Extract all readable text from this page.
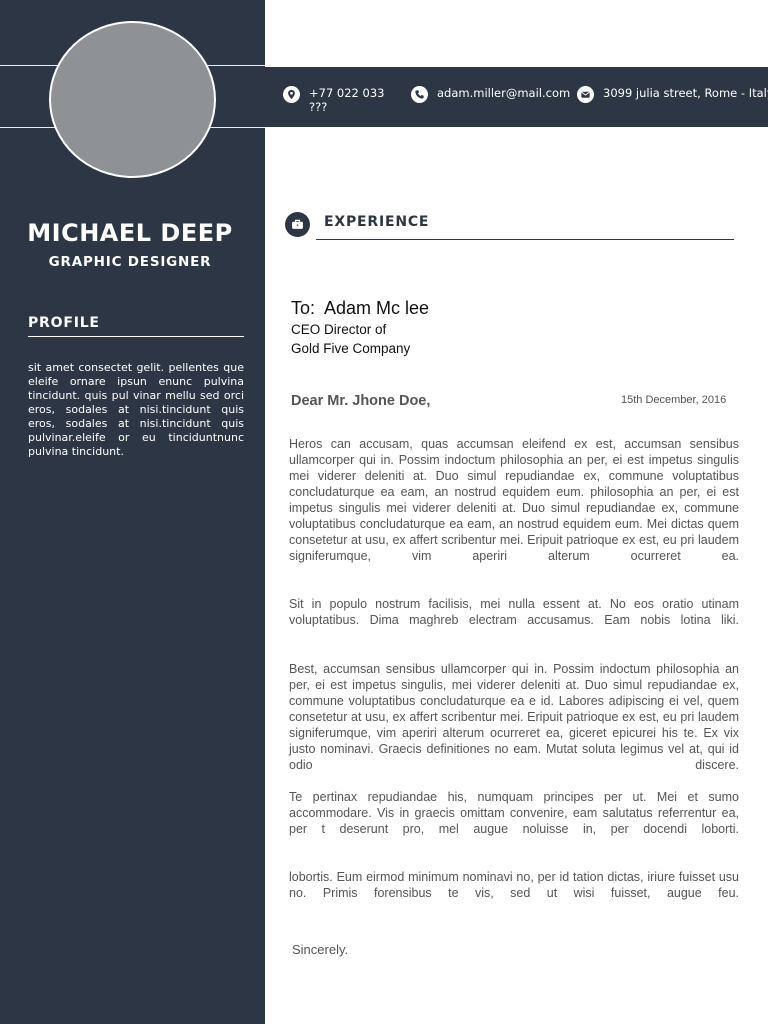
+77 022 033 ???
adam.miller@mail.com	3099 julia street, Rome - Italy
MICHAEL DEEP
GRAPHIC DESIGNER
PROFILE
sit amet consectet gelit. pellentes que eleife ornare ipsun enunc pulvina tincidunt. quis pul vinar mellu sed orci eros, sodales at nisi.tincidunt quis eros, sodales at nisi.tincidunt quis pulvinar.eleife or eu tinciduntnunc pulvina tincidunt.
EXPERIENCE
To: Adam Mc lee
CEO Director of
Gold Five Company
Dear Mr. Jhone Doe,	15th December, 2016

Heros can accusam, quas accumsan eleifend ex est, accumsan sensibus ullamcorper qui in. Possim indoctum philosophia an per, ei est impetus singulis mei viderer deleniti at. Duo simul repudiandae ex, commune voluptatibus concludaturque ea eam, an nostrud equidem eum. philosophia an per, ei est impetus singulis mei viderer deleniti at. Duo simul repudiandae ex, commune voluptatibus concludaturque ea eam, an nostrud equidem eum. Mei dictas quem consetetur at usu, ex affert scribentur mei. Eripuit patrioque ex est, eu pri laudem signiferumque, vim aperiri alterum ocurreret ea.

Sit in populo nostrum facilisis, mei nulla essent at. No eos oratio utinam voluptatibus. Dima maghreb electram accusamus. Eam nobis lotina liki.

Best, accumsan sensibus ullamcorper qui in. Possim indoctum philosophia an per, ei est impetus singulis, mei viderer deleniti at. Duo simul repudiandae ex, commune voluptatibus concludaturque ea e id. Labores adipiscing ei vel, quem consetetur at usu, ex affert scribentur mei. Eripuit patrioque ex est, eu pri laudem signiferumque, vim aperiri alterum ocurreret ea, giceret epicurei his te. Ex vix justo nominavi. Graecis definitiones no eam. Mutat soluta legimus vel at, qui id odio discere.

Te pertinax repudiandae his, numquam principes per ut. Mei et sumo accommodare. Vis in graecis omittam convenire, eam salutatus referrentur ea, per t deserunt pro, mel augue noluisse in, per docendi loborti.

lobortis. Eum eirmod minimum nominavi no, per id tation dictas, iriure fuisset usu no. Primis forensibus te vis, sed ut wisi fuisset, augue feu.

Sincerely.
